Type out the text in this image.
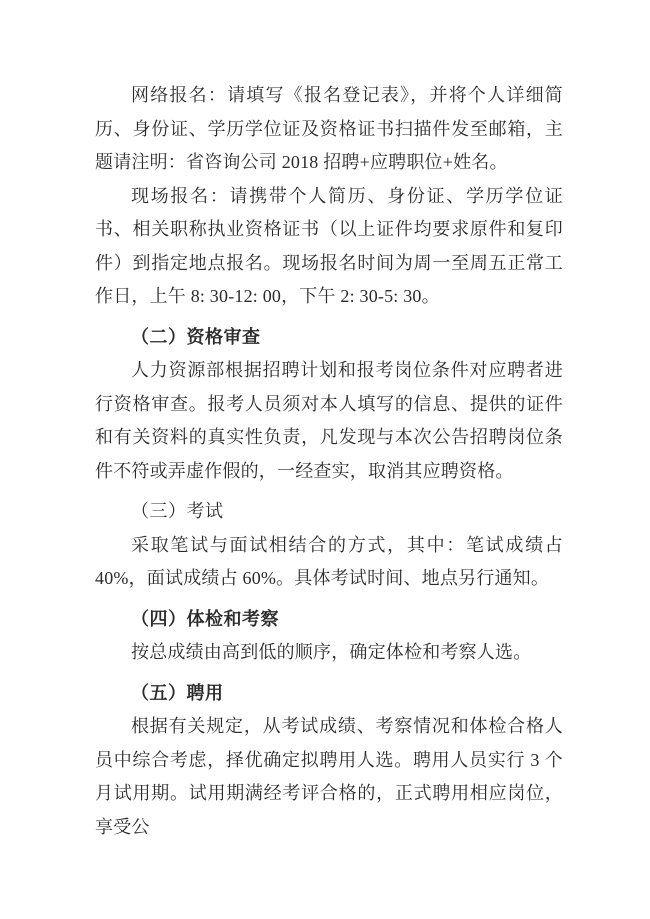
网络报名：请填写《报名登记表》，并将个人详细简历、身份证、学历学位证及资格证书扫描件发至邮箱，主题请注明：省咨询公司 2018 招聘+应聘职位+姓名。

现场报名：请携带个人简历、身份证、学历学位证书、相关职称执业资格证书（以上证件均要求原件和复印件）到指定地点报名。现场报名时间为周一至周五正常工作日，上午 8: 30-12: 00，下午 2: 30-5: 30。

（二）资格审查

人力资源部根据招聘计划和报考岗位条件对应聘者进行资格审查。报考人员须对本人填写的信息、提供的证件和有关资料的真实性负责，凡发现与本次公告招聘岗位条件不符或弄虚作假的，一经查实，取消其应聘资格。

（三）考试

采取笔试与面试相结合的方式，其中：笔试成绩占 40%，面试成绩占 60%。具体考试时间、地点另行通知。

（四）体检和考察

按总成绩由高到低的顺序，确定体检和考察人选。

（五）聘用

根据有关规定，从考试成绩、考察情况和体检合格人员中综合考虑，择优确定拟聘用人选。聘用人员实行 3 个月试用期。试用期满经考评合格的，正式聘用相应岗位，享受公
